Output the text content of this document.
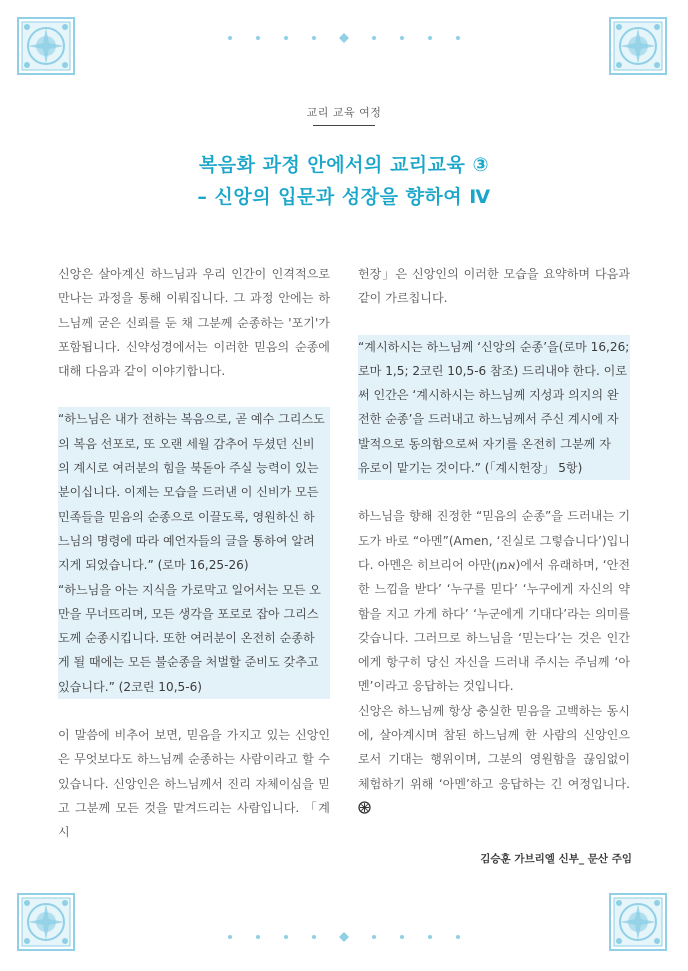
교리 교육 여정
복음화 과정 안에서의 교리교육 ③
– 신앙의 입문과 성장을 향하여 Ⅳ

신앙은 살아계신 하느님과 우리 인간이 인격적으로 만나는 과정을 통해 이뤄집니다. 그 과정 안에는 하느님께 굳은 신뢰를 둔 채 그분께 순종하는 '포기'가 포함됩니다. 신약성경에서는 이러한 믿음의 순종에 대해 다음과 같이 이야기합니다.

“하느님은 내가 전하는 복음으로, 곧 예수 그리스도
의 복음 선포로, 또 오랜 세월 감추어 두셨던 신비
의 계시로 여러분의 힘을 북돋아 주실 능력이 있는
분이십니다. 이제는 모습을 드러낸 이 신비가 모든
민족들을 믿음의 순종으로 이끌도록, 영원하신 하
느님의 명령에 따라 예언자들의 글을 통하여 알려
지게 되었습니다.” (로마 16,25-26)
“하느님을 아는 지식을 가로막고 일어서는 모든 오
만을 무너뜨리며, 모든 생각을 포로로 잡아 그리스
도께 순종시킵니다. 또한 여러분이 온전히 순종하
게 될 때에는 모든 불순종을 처벌할 준비도 갖추고
있습니다.” (2코린 10,5-6)

이 말씀에 비추어 보면, 믿음을 가지고 있는 신앙인은 무엇보다도 하느님께 순종하는 사람이라고 할 수 있습니다. 신앙인은 하느님께서 진리 자체이심을 믿고 그분께 모든 것을 맡겨드리는 사람입니다. 「계시

헌장」은 신앙인의 이러한 모습을 요약하며 다음과 같이 가르칩니다.

“계시하시는 하느님께 ‘신앙의 순종’을(로마 16,26;
로마 1,5; 2코린 10,5-6 참조) 드리내야 한다. 이로
써 인간은 ‘계시하시는 하느님께 지성과 의지의 완
전한 순종’을 드러내고 하느님께서 주신 계시에 자
발적으로 동의함으로써 자기를 온전히 그분께 자
유로이 맡기는 것이다.” (「계시헌장」 5항)

하느님을 향해 진정한 “믿음의 순종”을 드러내는 기도가 바로 “아멘”(Amen, ‘진실로 그렇습니다’)입니다. 아멘은 히브리어 아만(אמן)에서 유래하며, ‘안전한 느낌을 받다’ ‘누구를 믿다’ ‘누구에게 자신의 약함을 지고 가게 하다’ ‘누군에게 기대다’라는 의미를 갖습니다. 그러므로 하느님을 ‘믿는다’는 것은 인간에게 항구히 당신 자신을 드러내 주시는 주님께 ‘아멘’이라고 응답하는 것입니다.

신앙은 하느님께 항상 충실한 믿음을 고백하는 동시에, 살아계시며 참된 하느님께 한 사람의 신앙인으로서 기대는 행위이며, 그분의 영원함을 끊임없이 체험하기 위해 ‘아멘’하고 응답하는 긴 여정입니다.

김승훈 가브리엘 신부_ 문산 주임
